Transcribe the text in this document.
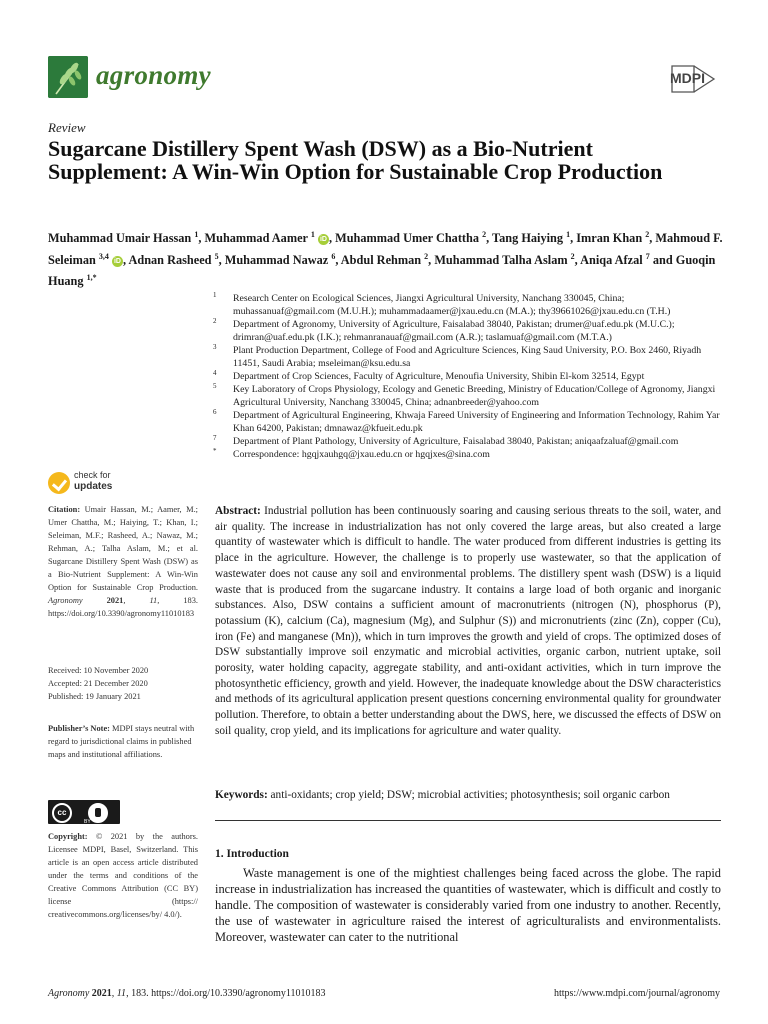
agronomy	MDPI
Review
Sugarcane Distillery Spent Wash (DSW) as a Bio-Nutrient Supplement: A Win-Win Option for Sustainable Crop Production
Muhammad Umair Hassan $^1$, Muhammad Aamer $^1$ iD , Muhammad Umer Chattha $^2$, Tang Haiying $^1$, Imran Khan $^2$, Mahmoud F. Seleiman $^{3,4}$ iD , Adnan Rasheed $^5$, Muhammad Nawaz $^6$, Abdul Rehman $^2$, Muhammad Talha Aslam $^2$, Aniqa Afzal $^7$ and Guoqin Huang $^{1,*}$
1 Research Center on Ecological Sciences, Jiangxi Agricultural University, Nanchang 330045, China; muhassanuaf@gmail.com (M.U.H.); muhammadaamer@jxau.edu.cn (M.A.); thy39661026@jxau.edu.cn (T.H.)
2 Department of Agronomy, University of Agriculture, Faisalabad 38040, Pakistan; drumer@uaf.edu.pk (M.U.C.); drimran@uaf.edu.pk (I.K.); rehmanranauaf@gmail.com (A.R.); taslamuaf@gmail.com (M.T.A.)
3 Plant Production Department, College of Food and Agriculture Sciences, King Saud University, P.O. Box 2460, Riyadh 11451, Saudi Arabia; mseleiman@ksu.edu.sa
4 Department of Crop Sciences, Faculty of Agriculture, Menoufia University, Shibin El-kom 32514, Egypt
5 Key Laboratory of Crops Physiology, Ecology and Genetic Breeding, Ministry of Education/College of Agronomy, Jiangxi Agricultural University, Nanchang 330045, China; adnanbreeder@yahoo.com
6 Department of Agricultural Engineering, Khwaja Fareed University of Engineering and Information Technology, Rahim Yar Khan 64200, Pakistan; dmnawaz@kfueit.edu.pk
7 Department of Plant Pathology, University of Agriculture, Faisalabad 38040, Pakistan; aniqaafzaluaf@gmail.com
* Correspondence: hgqjxauhgq@jxau.edu.cn or hgqjxes@sina.com
check for
updates
Citation: Umair Hassan, M.; Aamer, M.; Umer Chattha, M.; Haiying, T.; Khan, I.; Seleiman, M.F.; Rasheed, A.; Nawaz, M.; Rehman, A.; Talha Aslam, M.; et al. Sugarcane Distillery Spent Wash (DSW) as a Bio-Nutrient Supplement: A Win-Win Option for Sustainable Crop Production. Agronomy 2021, 11, 183. https://doi.org/10.3390/agronomy11010183
Received: 10 November 2020
Accepted: 21 December 2020
Published: 19 January 2021
Publisher’s Note: MDPI stays neutral with regard to jurisdictional claims in published maps and institutional affiliations.
cc
BY
Copyright: © 2021 by the authors. Licensee MDPI, Basel, Switzerland. This article is an open access article distributed under the terms and conditions of the Creative Commons Attribution (CC BY) license (https:// creativecommons.org/licenses/by/ 4.0/).
Abstract: Industrial pollution has been continuously soaring and causing serious threats to the soil, water, and air quality. The increase in industrialization has not only covered the large areas, but also created a large quantity of wastewater which is difficult to handle. The water produced from different industries is getting its place in the agriculture. However, the challenge is to properly use wastewater, so that the application of wastewater does not cause any soil and environmental problems. The distillery spent wash (DSW) is a liquid waste that is produced from the sugarcane industry. It contains a large load of both organic and inorganic substances. Also, DSW contains a sufficient amount of macronutrients (nitrogen (N), phosphorus (P), potassium (K), calcium (Ca), magnesium (Mg), and Sulphur (S)) and micronutrients (zinc (Zn), copper (Cu), iron (Fe) and manganese (Mn)), which in turn improves the growth and yield of crops. The optimized doses of DSW substantially improve soil enzymatic and microbial activities, organic carbon, nutrient uptake, soil porosity, water holding capacity, aggregate stability, and anti-oxidant activities, which in turn improve the photosynthetic efficiency, growth and yield. However, the inadequate knowledge about the DSW characteristics and methods of its agricultural application present questions concerning environmental quality for groundwater pollution. Therefore, to obtain a better understanding about the DWS, here, we discussed the effects of DSW on soil quality, crop yield, and its implications for agriculture and water quality.
Keywords: anti-oxidants; crop yield; DSW; microbial activities; photosynthesis; soil organic carbon
1. Introduction
Waste management is one of the mightiest challenges being faced across the globe. The rapid increase in industrialization has increased the quantities of wastewater, which is difficult and costly to handle. The composition of wastewater is considerably varied from one industry to another. Recently, the use of wastewater in agriculture raised the interest of agriculturalists and environmentalists. Moreover, wastewater can cater to the nutritional
Agronomy 2021, 11, 183. https://doi.org/10.3390/agronomy11010183	https://www.mdpi.com/journal/agronomy
